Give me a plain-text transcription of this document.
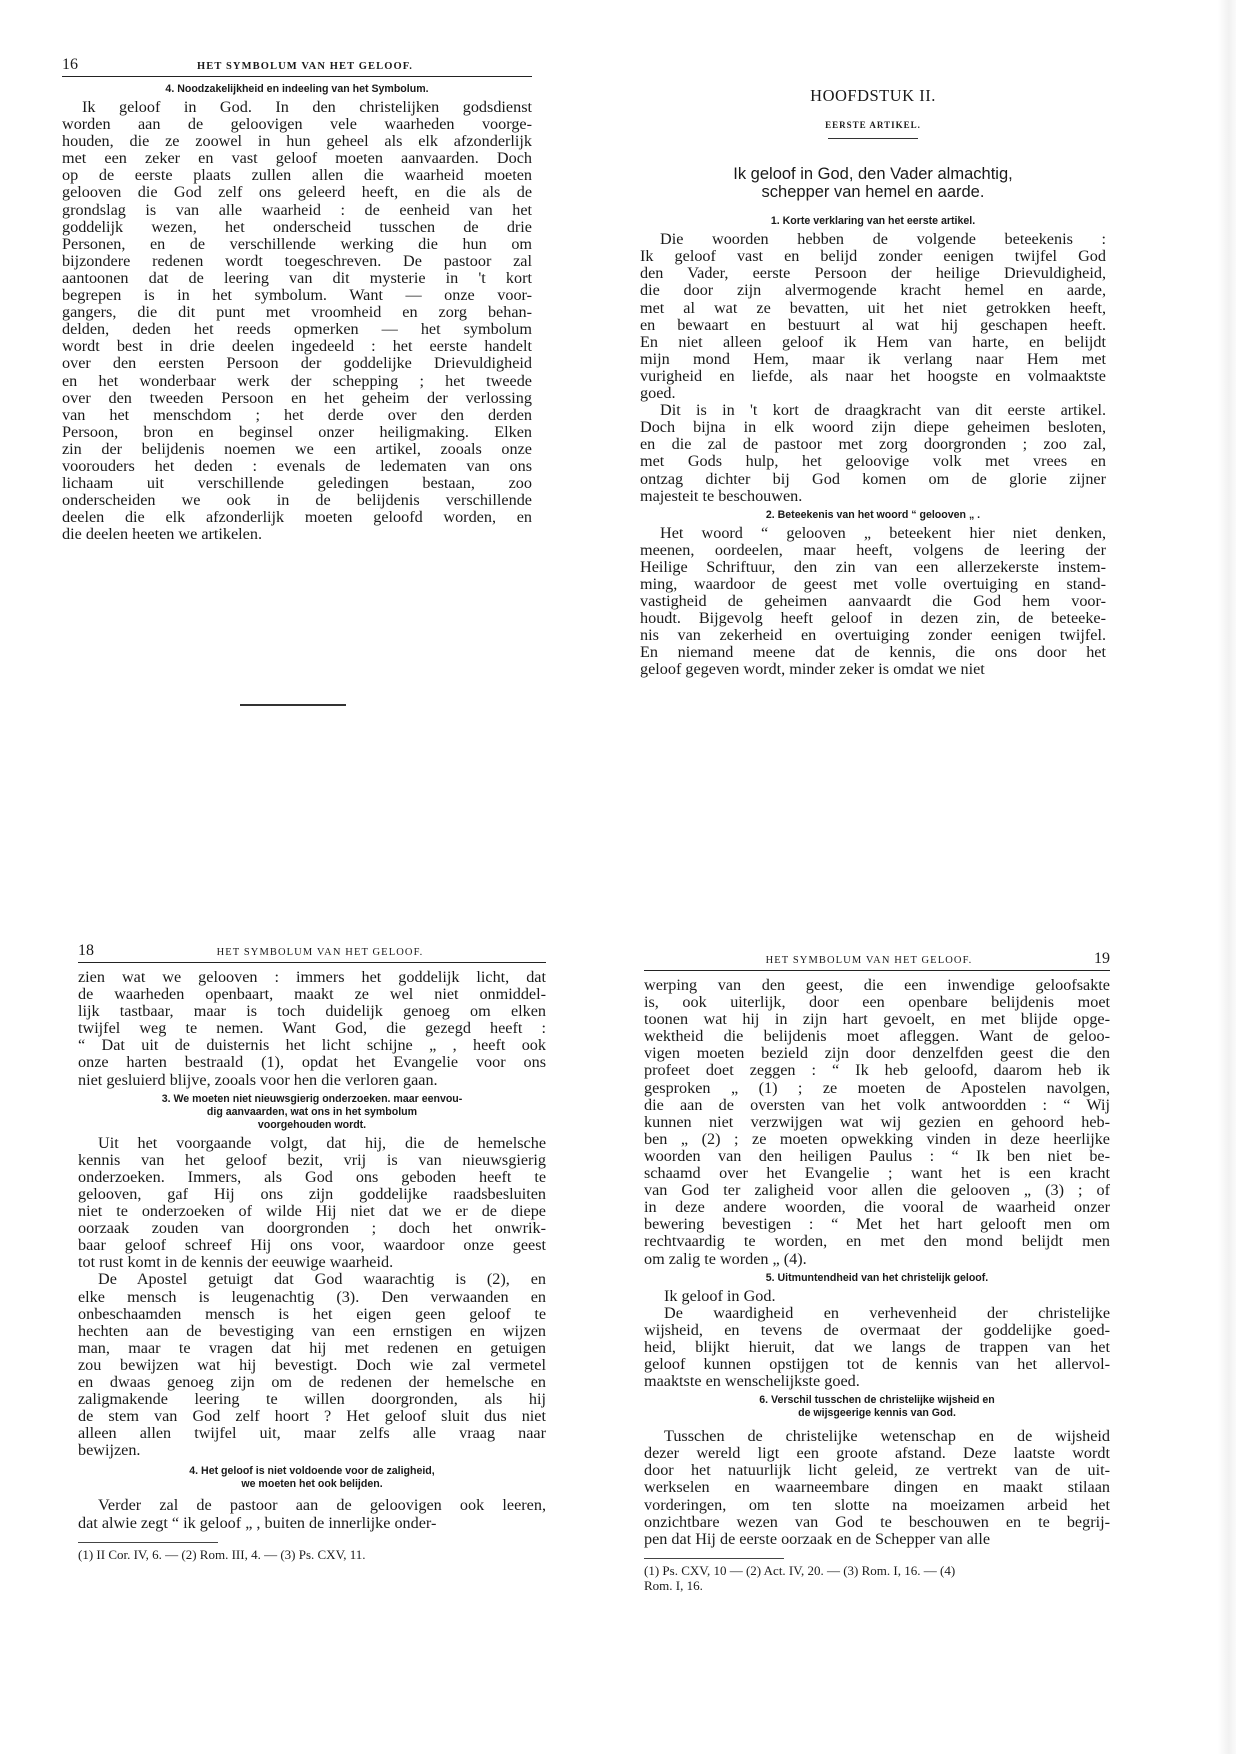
16	HET SYMBOLUM VAN HET GELOOF.
4. Noodzakelijkheid en indeeling van het Symbolum.

Ik geloof in God. In den christelijken godsdienst

worden aan de geloovigen vele waarheden voorge-

houden, die ze zoowel in hun geheel als elk afzonderlijk

met een zeker en vast geloof moeten aanvaarden. Doch

op de eerste plaats zullen allen die waarheid moeten

gelooven die God zelf ons geleerd heeft, en die als de

grondslag is van alle waarheid : de eenheid van het

goddelijk wezen, het onderscheid tusschen de drie

Personen, en de verschillende werking die hun om

bijzondere redenen wordt toegeschreven. De pastoor zal

aantoonen dat de leering van dit mysterie in 't kort

begrepen is in het symbolum. Want — onze voor-

gangers, die dit punt met vroomheid en zorg behan-

delden, deden het reeds opmerken — het symbolum

wordt best in drie deelen ingedeeld : het eerste handelt

over den eersten Persoon der goddelijke Drievuldigheid

en het wonderbaar werk der schepping ; het tweede

over den tweeden Persoon en het geheim der verlossing

van het menschdom ; het derde over den derden

Persoon, bron en beginsel onzer heiligmaking. Elken

zin der belijdenis noemen we een artikel, zooals onze

voorouders het deden : evenals de ledematen van ons

lichaam uit verschillende geledingen bestaan, zoo

onderscheiden we ook in de belijdenis verschillende

deelen die elk afzonderlijk moeten geloofd worden, en

die deelen heeten we artikelen.

HOOFDSTUK II.
EERSTE ARTIKEL.
Ik geloof in God, den Vader almachtig,
schepper van hemel en aarde.
1. Korte verklaring van het eerste artikel.

Die woorden hebben de volgende beteekenis :

Ik geloof vast en belijd zonder eenigen twijfel God

den Vader, eerste Persoon der heilige Drievuldigheid,

die door zijn alvermogende kracht hemel en aarde,

met al wat ze bevatten, uit het niet getrokken heeft,

en bewaart en bestuurt al wat hij geschapen heeft.

En niet alleen geloof ik Hem van harte, en belijdt

mijn mond Hem, maar ik verlang naar Hem met

vurigheid en liefde, als naar het hoogste en volmaaktste

goed.

Dit is in 't kort de draagkracht van dit eerste artikel.

Doch bijna in elk woord zijn diepe geheimen besloten,

en die zal de pastoor met zorg doorgronden ; zoo zal,

met Gods hulp, het geloovige volk met vrees en

ontzag dichter bij God komen om de glorie zijner

majesteit te beschouwen.

2. Beteekenis van het woord “ gelooven „ .

Het woord “ gelooven „ beteekent hier niet denken,

meenen, oordeelen, maar heeft, volgens de leering der

Heilige Schriftuur, den zin van een allerzekerste instem-

ming, waardoor de geest met volle overtuiging en stand-

vastigheid de geheimen aanvaardt die God hem voor-

houdt. Bijgevolg heeft geloof in dezen zin, de beteeke-

nis van zekerheid en overtuiging zonder eenigen twijfel.

En niemand meene dat de kennis, die ons door het

geloof gegeven wordt, minder zeker is omdat we niet

18	HET SYMBOLUM VAN HET GELOOF.

zien wat we gelooven : immers het goddelijk licht, dat

de waarheden openbaart, maakt ze wel niet onmiddel-

lijk tastbaar, maar is toch duidelijk genoeg om elken

twijfel weg te nemen. Want God, die gezegd heeft :

“ Dat uit de duisternis het licht schijne „ , heeft ook

onze harten bestraald (1), opdat het Evangelie voor ons

niet gesluierd blijve, zooals voor hen die verloren gaan.

3. We moeten niet nieuwsgierig onderzoeken. maar eenvou-
dig aanvaarden, wat ons in het symbolum
voorgehouden wordt.

Uit het voorgaande volgt, dat hij, die de hemelsche

kennis van het geloof bezit, vrij is van nieuwsgierig

onderzoeken. Immers, als God ons geboden heeft te

gelooven, gaf Hij ons zijn goddelijke raadsbesluiten

niet te onderzoeken of wilde Hij niet dat we er de diepe

oorzaak zouden van doorgronden ; doch het onwrik-

baar geloof schreef Hij ons voor, waardoor onze geest

tot rust komt in de kennis der eeuwige waarheid.

De Apostel getuigt dat God waarachtig is (2), en

elke mensch is leugenachtig (3). Den verwaanden en

onbeschaamden mensch is het eigen geen geloof te

hechten aan de bevestiging van een ernstigen en wijzen

man, maar te vragen dat hij met redenen en getuigen

zou bewijzen wat hij bevestigt. Doch wie zal vermetel

en dwaas genoeg zijn om de redenen der hemelsche en

zaligmakende leering te willen doorgronden, als hij

de stem van God zelf hoort ? Het geloof sluit dus niet

alleen allen twijfel uit, maar zelfs alle vraag naar

bewijzen.

4. Het geloof is niet voldoende voor de zaligheid,
we moeten het ook belijden.

Verder zal de pastoor aan de geloovigen ook leeren,

dat alwie zegt “ ik geloof „ , buiten de innerlijke onder-

(1) II Cor. IV, 6. — (2) Rom. III, 4. — (3) Ps. CXV, 11.
HET SYMBOLUM VAN HET GELOOF.	19

werping van den geest, die een inwendige geloofsakte

is, ook uiterlijk, door een openbare belijdenis moet

toonen wat hij in zijn hart gevoelt, en met blijde opge-

wektheid die belijdenis moet afleggen. Want de geloo-

vigen moeten bezield zijn door denzelfden geest die den

profeet doet zeggen : “ Ik heb geloofd, daarom heb ik

gesproken „ (1) ; ze moeten de Apostelen navolgen,

die aan de oversten van het volk antwoordden : “ Wij

kunnen niet verzwijgen wat wij gezien en gehoord heb-

ben „ (2) ; ze moeten opwekking vinden in deze heerlijke

woorden van den heiligen Paulus : “ Ik ben niet be-

schaamd over het Evangelie ; want het is een kracht

van God ter zaligheid voor allen die gelooven „ (3) ; of

in deze andere woorden, die vooral de waarheid onzer

bewering bevestigen : “ Met het hart gelooft men om

rechtvaardig te worden, en met den mond belijdt men

om zalig te worden „ (4).

5. Uitmuntendheid van het christelijk geloof.

Ik geloof in God.

De waardigheid en verhevenheid der christelijke

wijsheid, en tevens de overmaat der goddelijke goed-

heid, blijkt hieruit, dat we langs de trappen van het

geloof kunnen opstijgen tot de kennis van het allervol-

maaktste en wenschelijkste goed.

6. Verschil tusschen de christelijke wijsheid en
de wijsgeerige kennis van God.

Tusschen de christelijke wetenschap en de wijsheid

dezer wereld ligt een groote afstand. Deze laatste wordt

door het natuurlijk licht geleid, ze vertrekt van de uit-

werkselen en waarneembare dingen en maakt stilaan

vorderingen, om ten slotte na moeizamen arbeid het

onzichtbare wezen van God te beschouwen en te begrij-

pen dat Hij de eerste oorzaak en de Schepper van alle

(1) Ps. CXV, 10 — (2) Act. IV, 20. — (3) Rom. I, 16. — (4)
Rom. I, 16.
